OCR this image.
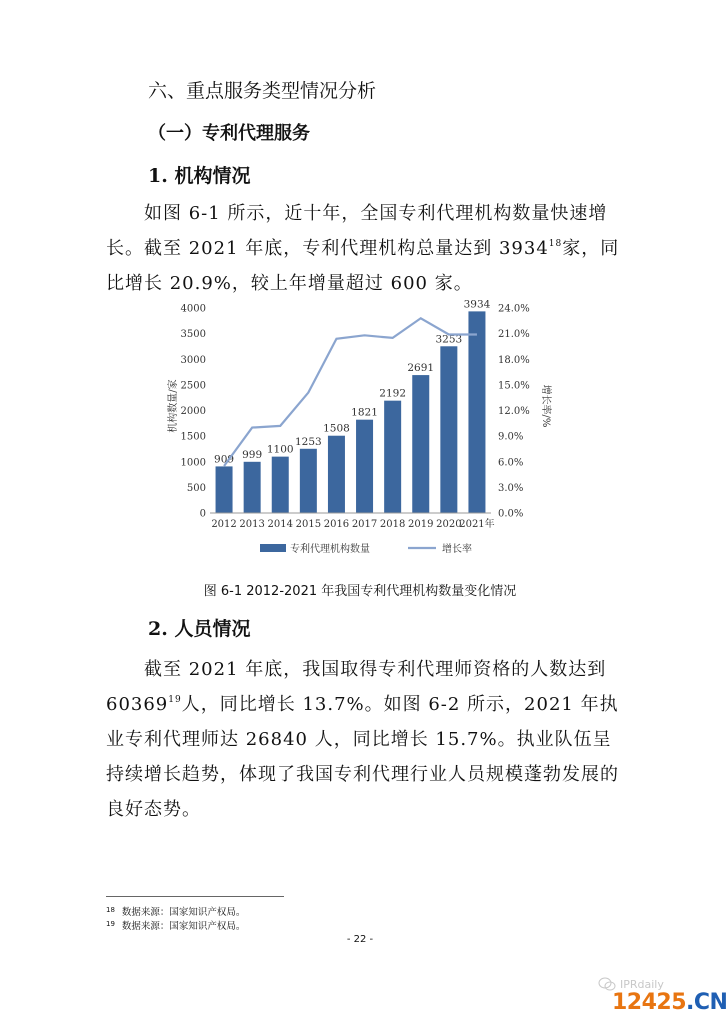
六、重点服务类型情况分析
（一）专利代理服务
1. 机构情况
如图 6-1 所示，近十年，全国专利代理机构数量快速增长。截至 2021 年底，专利代理机构总量达到 3934$^{18}$家，同比增长 20.9%，较上年增量超过 600 家。
909 999 1100
1253
1508
1821
2192
2691
3253
3934
2012 2013 2014 2015 2016 2017 2018 2019 2020
2021年
0
500
1000
1500
2000
2500
3000
3500
4000
0.0%
3.0%
6.0%
9.0%
12.0%
15.0%
18.0%
21.0%
24.0%
机构数量/家	增长率/%
专利代理机构数量	增长率
图 6-1 2012-2021 年我国专利代理机构数量变化情况
2. 人员情况
截至 2021 年底，我国取得专利代理师资格的人数达到 60369$^{19}$人，同比增长 13.7%。如图 6-2 所示，2021 年执业专利代理师达 26840 人，同比增长 15.7%。执业队伍呈持续增长趋势，体现了我国专利代理行业人员规模蓬勃发展的良好态势。
$^{18}$ 数据来源：国家知识产权局。
$^{19}$ 数据来源：国家知识产权局。
- 22 -
IPRdaily
12425.CN
